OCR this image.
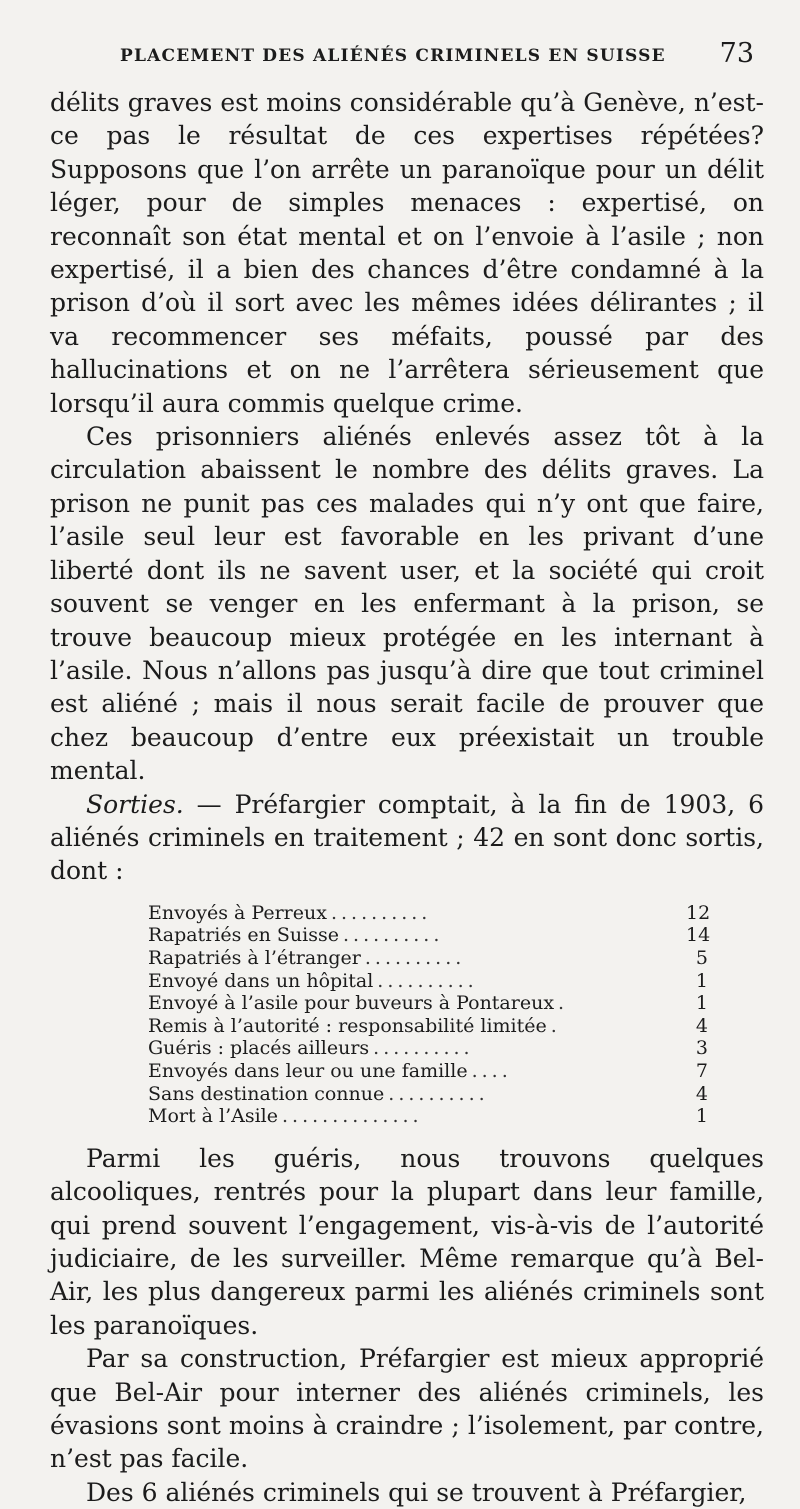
PLACEMENT DES ALIÉNÉS CRIMINELS EN SUISSE 73

délits graves est moins considérable qu’à Genève, n’est-ce pas le résultat de ces expertises répétées? Supposons que l’on arrête un paranoïque pour un délit léger, pour de simples menaces : expertisé, on reconnaît son état mental et on l’envoie à l’asile ; non expertisé, il a bien des chances d’être condamné à la prison d’où il sort avec les mêmes idées délirantes ; il va recommencer ses méfaits, poussé par des hallucinations et on ne l’arrêtera sérieusement que lorsqu’il aura commis quelque crime.

Ces prisonniers aliénés enlevés assez tôt à la circulation abaissent le nombre des délits graves. La prison ne punit pas ces malades qui n’y ont que faire, l’asile seul leur est favorable en les privant d’une liberté dont ils ne savent user, et la société qui croit souvent se venger en les enfermant à la prison, se trouve beaucoup mieux protégée en les internant à l’asile. Nous n’allons pas jusqu’à dire que tout criminel est aliéné ; mais il nous serait facile de prouver que chez beaucoup d’entre eux préexistait un trouble mental.

Sorties. — Préfargier comptait, à la fin de 1903, 6 aliénés criminels en traitement ; 42 en sont donc sortis, dont :

Envoyés à Perreux ..........	12
Rapatriés en Suisse ..........	14
Rapatriés à l’étranger ..........	5
Envoyé dans un hôpital ..........	1
Envoyé à l’asile pour buveurs à Pontareux .	1
Remis à l’autorité : responsabilité limitée .	4
Guéris : placés ailleurs ..........	3
Envoyés dans leur ou une famille ....	7
Sans destination connue ..........	4
Mort à l’Asile ..............	1

Parmi les guéris, nous trouvons quelques alcooliques, rentrés pour la plupart dans leur famille, qui prend souvent l’engagement, vis-à-vis de l’autorité judiciaire, de les surveiller. Même remarque qu’à Bel-Air, les plus dangereux parmi les aliénés criminels sont les paranoïques.

Par sa construction, Préfargier est mieux approprié que Bel-Air pour interner des aliénés criminels, les évasions sont moins à craindre ; l’isolement, par contre, n’est pas facile.

Des 6 aliénés criminels qui se trouvent à Préfargier,
